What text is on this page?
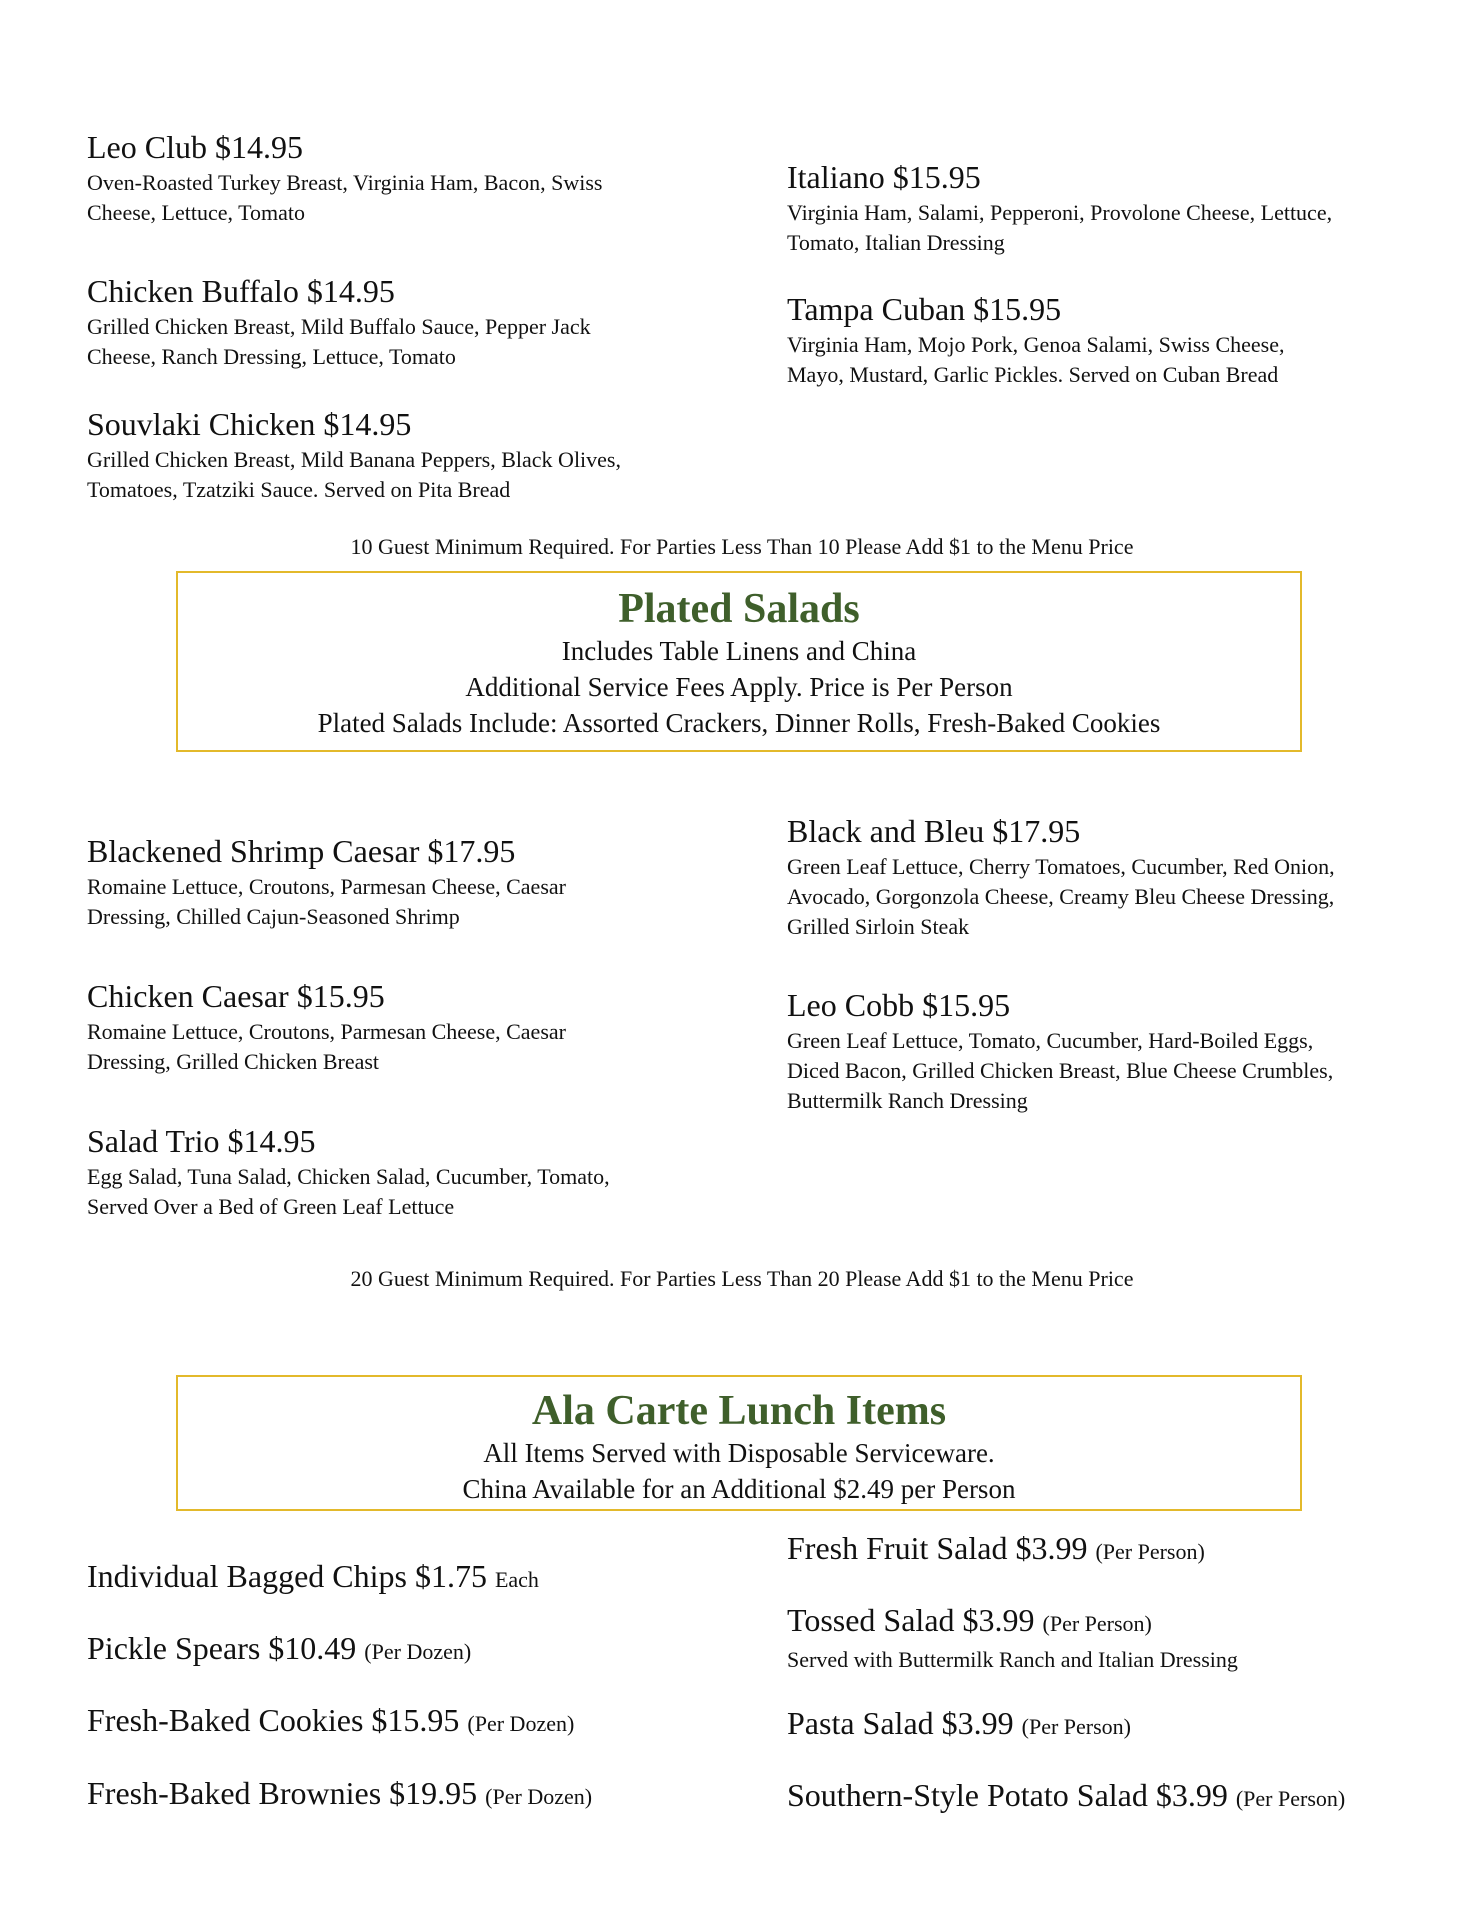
Leo Club $14.95
Oven-Roasted Turkey Breast, Virginia Ham, Bacon, Swiss
Cheese, Lettuce, Tomato
Chicken Buffalo $14.95
Grilled Chicken Breast, Mild Buffalo Sauce, Pepper Jack
Cheese, Ranch Dressing, Lettuce, Tomato
Souvlaki Chicken $14.95
Grilled Chicken Breast, Mild Banana Peppers, Black Olives,
Tomatoes, Tzatziki Sauce. Served on Pita Bread
Italiano $15.95
Virginia Ham, Salami, Pepperoni, Provolone Cheese, Lettuce,
Tomato, Italian Dressing
Tampa Cuban $15.95
Virginia Ham, Mojo Pork, Genoa Salami, Swiss Cheese,
Mayo, Mustard, Garlic Pickles. Served on Cuban Bread
10 Guest Minimum Required. For Parties Less Than 10 Please Add $1 to the Menu Price
Plated Salads
Includes Table Linens and China
Additional Service Fees Apply. Price is Per Person
Plated Salads Include: Assorted Crackers, Dinner Rolls, Fresh-Baked Cookies
Blackened Shrimp Caesar $17.95
Romaine Lettuce, Croutons, Parmesan Cheese, Caesar
Dressing, Chilled Cajun-Seasoned Shrimp
Chicken Caesar $15.95
Romaine Lettuce, Croutons, Parmesan Cheese, Caesar
Dressing, Grilled Chicken Breast
Salad Trio $14.95
Egg Salad, Tuna Salad, Chicken Salad, Cucumber, Tomato,
Served Over a Bed of Green Leaf Lettuce
Black and Bleu $17.95
Green Leaf Lettuce, Cherry Tomatoes, Cucumber, Red Onion,
Avocado, Gorgonzola Cheese, Creamy Bleu Cheese Dressing,
Grilled Sirloin Steak
Leo Cobb $15.95
Green Leaf Lettuce, Tomato, Cucumber, Hard-Boiled Eggs,
Diced Bacon, Grilled Chicken Breast, Blue Cheese Crumbles,
Buttermilk Ranch Dressing
20 Guest Minimum Required. For Parties Less Than 20 Please Add $1 to the Menu Price
Ala Carte Lunch Items
All Items Served with Disposable Serviceware.
China Available for an Additional $2.49 per Person
Individual Bagged Chips $1.75 Each
Pickle Spears $10.49 (Per Dozen)
Fresh-Baked Cookies $15.95 (Per Dozen)
Fresh-Baked Brownies $19.95 (Per Dozen)
Fresh Fruit Salad $3.99 (Per Person)
Tossed Salad $3.99 (Per Person)
Served with Buttermilk Ranch and Italian Dressing
Pasta Salad $3.99 (Per Person)
Southern-Style Potato Salad $3.99 (Per Person)
